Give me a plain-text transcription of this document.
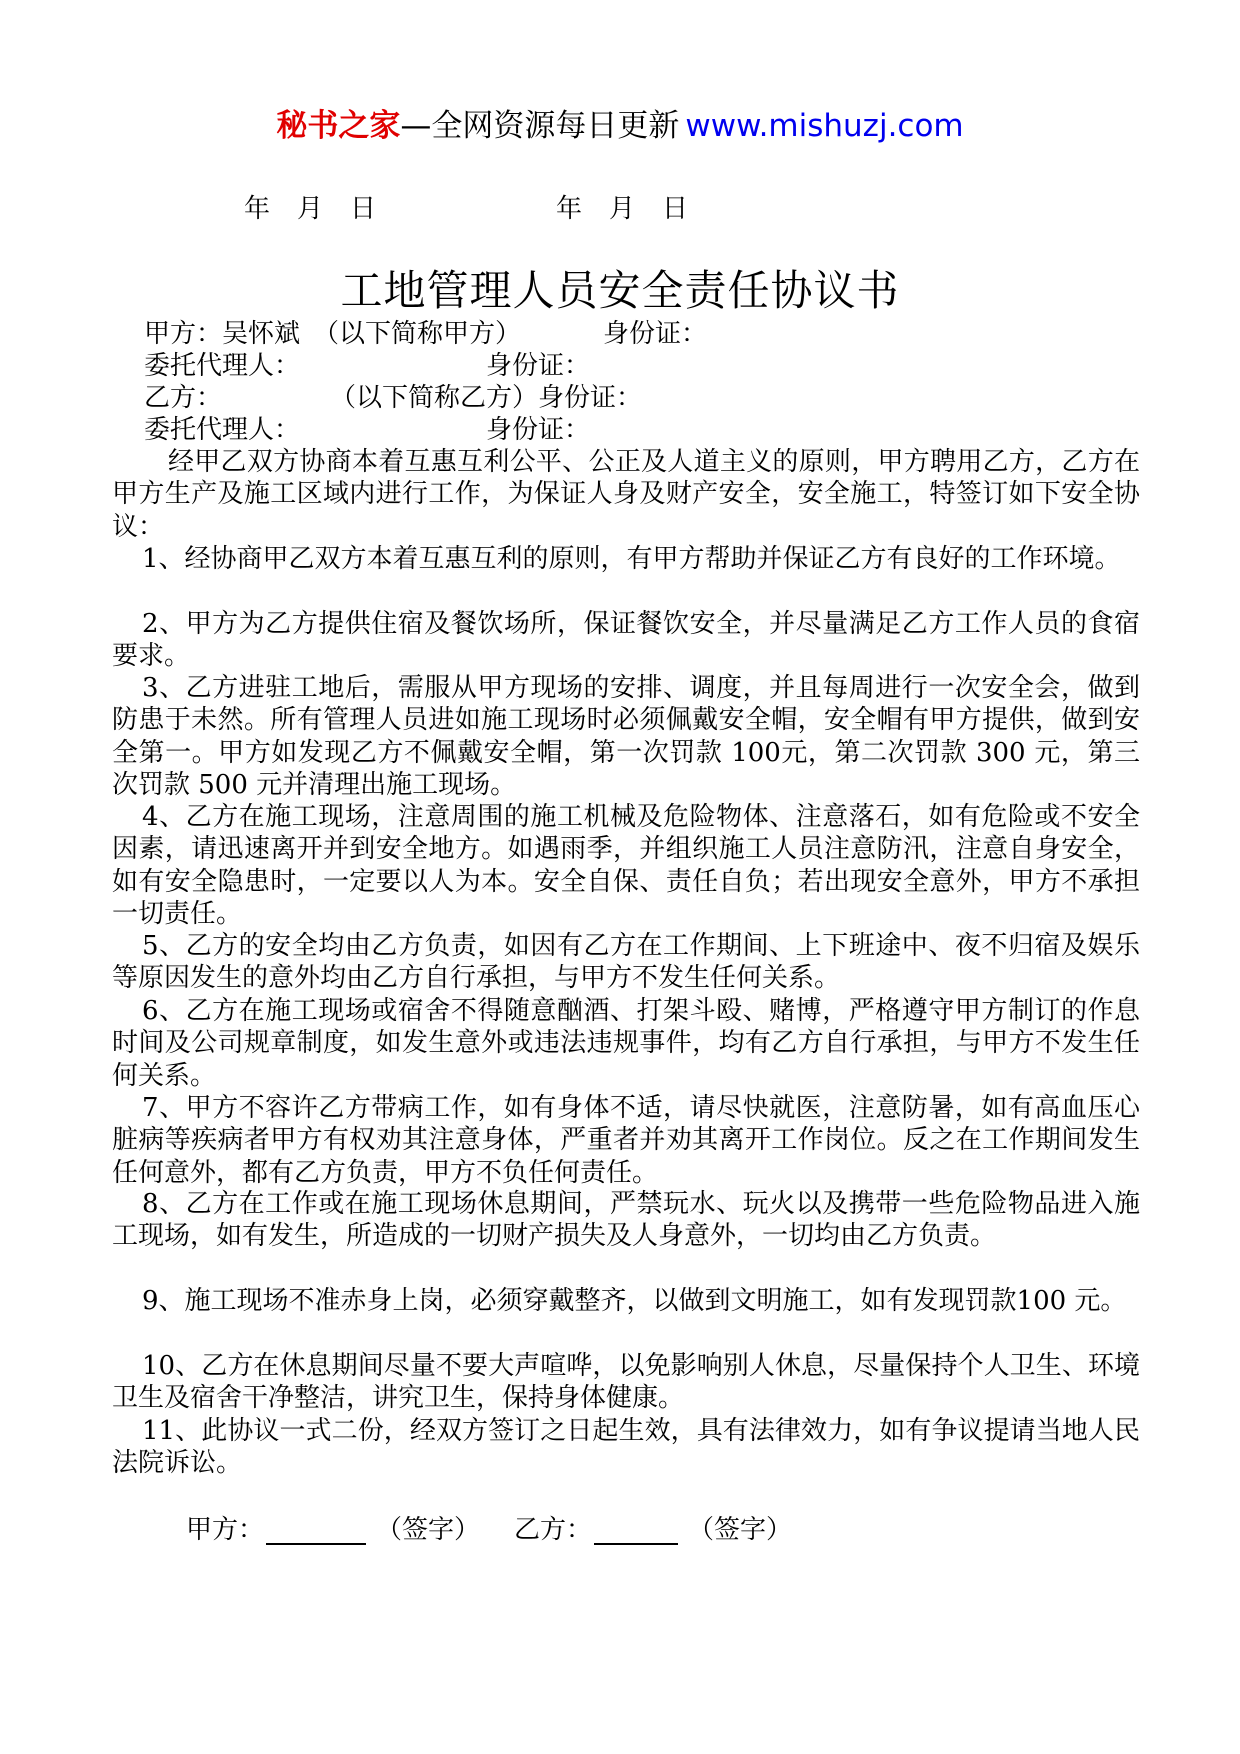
秘书之家—全网资源每日更新 www.mishuzj.com
年 月 日	年 月 日
工地管理人员安全责任协议书
甲方：吴怀斌　（以下简称甲方）	身份证：
委托代理人：	身份证：
乙方：	（以下简称乙方）身份证：
委托代理人：	身份证：
经甲乙双方协商本着互惠互利公平、公正及人道主义的原则，甲方聘用乙方，乙方在甲方生产及施工区域内进行工作，为保证人身及财产安全，安全施工，特签订如下安全协议：
1、经协商甲乙双方本着互惠互利的原则，有甲方帮助并保证乙方有良好的工作环境。
2、甲方为乙方提供住宿及餐饮场所，保证餐饮安全，并尽量满足乙方工作人员的食宿要求。
3、乙方进驻工地后，需服从甲方现场的安排、调度，并且每周进行一次安全会，做到防患于未然。所有管理人员进如施工现场时必须佩戴安全帽，安全帽有甲方提供，做到安全第一。甲方如发现乙方不佩戴安全帽，第一次罚款 100元，第二次罚款 300 元，第三次罚款 500 元并清理出施工现场。
4、乙方在施工现场，注意周围的施工机械及危险物体、注意落石，如有危险或不安全因素，请迅速离开并到安全地方。如遇雨季，并组织施工人员注意防汛，注意自身安全，如有安全隐患时，一定要以人为本。安全自保、责任自负；若出现安全意外，甲方不承担一切责任。
5、乙方的安全均由乙方负责，如因有乙方在工作期间、上下班途中、夜不归宿及娱乐等原因发生的意外均由乙方自行承担，与甲方不发生任何关系。
6、乙方在施工现场或宿舍不得随意酗酒、打架斗殴、赌博，严格遵守甲方制订的作息时间及公司规章制度，如发生意外或违法违规事件，均有乙方自行承担，与甲方不发生任何关系。
7、甲方不容许乙方带病工作，如有身体不适，请尽快就医，注意防暑，如有高血压心脏病等疾病者甲方有权劝其注意身体，严重者并劝其离开工作岗位。反之在工作期间发生任何意外，都有乙方负责，甲方不负任何责任。
8、乙方在工作或在施工现场休息期间，严禁玩水、玩火以及携带一些危险物品进入施工现场，如有发生，所造成的一切财产损失及人身意外，一切均由乙方负责。
9、施工现场不准赤身上岗，必须穿戴整齐，以做到文明施工，如有发现罚款100 元。
10、乙方在休息期间尽量不要大声喧哗，以免影响别人休息，尽量保持个人卫生、环境卫生及宿舍干净整洁，讲究卫生，保持身体健康。
11、此协议一式二份，经双方签订之日起生效，具有法律效力，如有争议提请当地人民法院诉讼。
甲方：	（签字） 乙方：	（签字）
